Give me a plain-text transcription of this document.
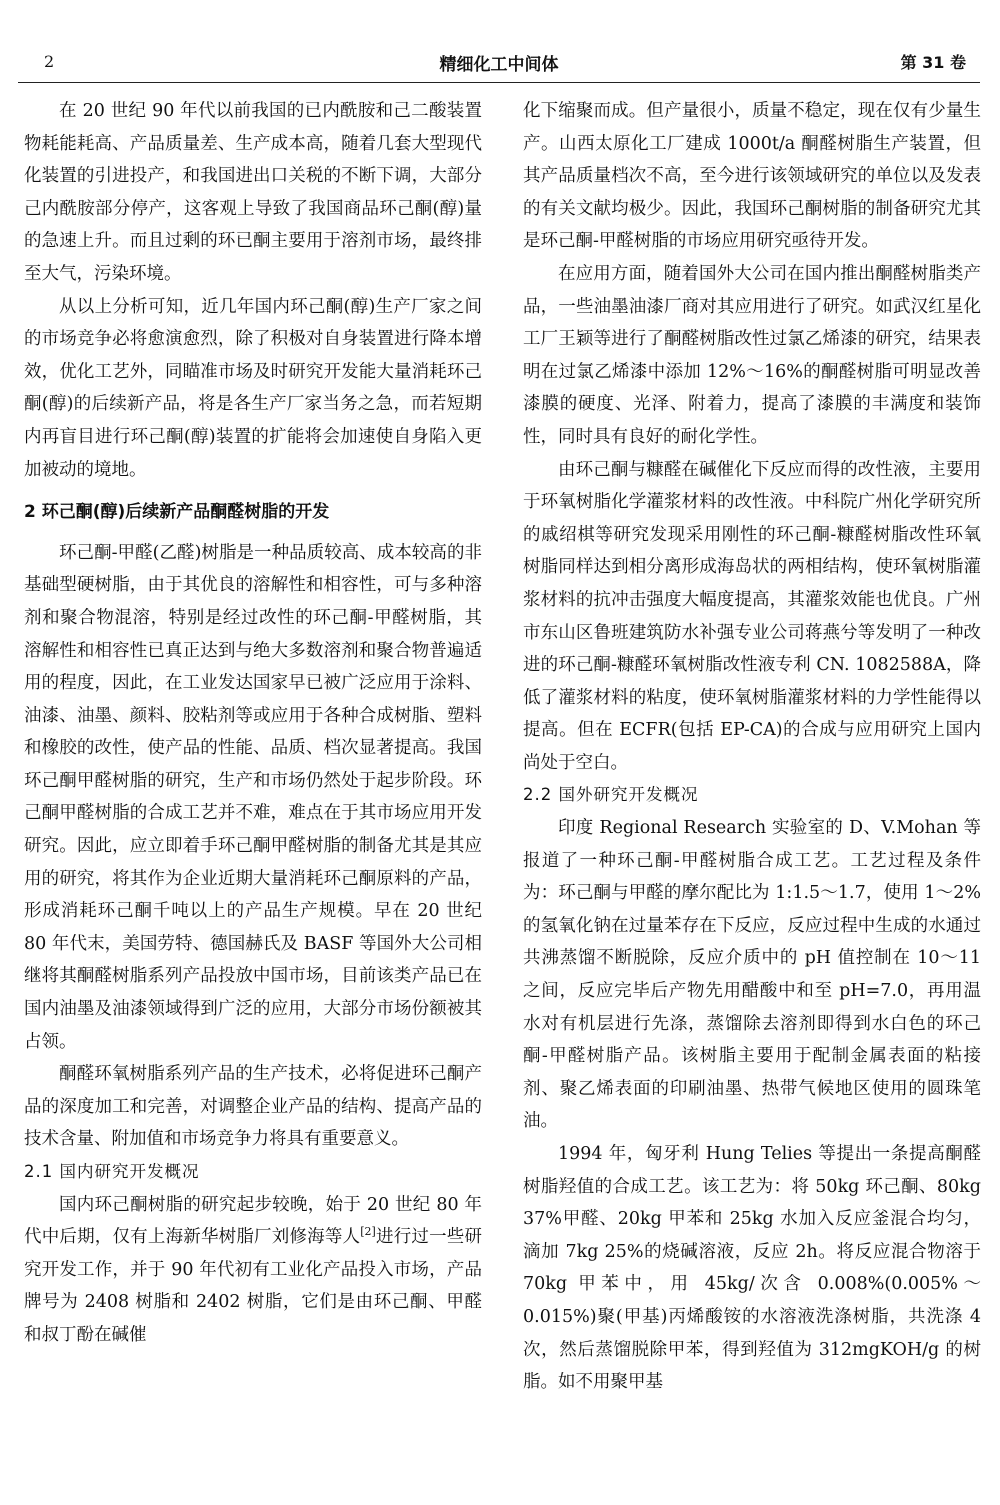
2	精细化工中间体	第 31 卷

在 20 世纪 90 年代以前我国的已内酰胺和己二酸装置物耗能耗高、产品质量差、生产成本高，随着几套大型现代化装置的引进投产，和我国进出口关税的不断下调，大部分己内酰胺部分停产，这客观上导致了我国商品环己酮(醇)量的急速上升。而且过剩的环已酮主要用于溶剂市场，最终排至大气，污染环境。

从以上分析可知，近几年国内环己酮(醇)生产厂家之间的市场竞争必将愈演愈烈，除了积极对自身装置进行降本增效，优化工艺外，同瞄准市场及时研究开发能大量消耗环己酮(醇)的后续新产品，将是各生产厂家当务之急，而若短期内再盲目进行环己酮(醇)装置的扩能将会加速使自身陷入更加被动的境地。

2 环己酮(醇)后续新产品酮醛树脂的开发

环己酮-甲醛(乙醛)树脂是一种品质较高、成本较高的非基础型硬树脂，由于其优良的溶解性和相容性，可与多种溶剂和聚合物混溶，特别是经过改性的环己酮-甲醛树脂，其溶解性和相容性已真正达到与绝大多数溶剂和聚合物普遍适用的程度，因此，在工业发达国家早已被广泛应用于涂料、油漆、油墨、颜料、胶粘剂等或应用于各种合成树脂、塑料和橡胶的改性，使产品的性能、品质、档次显著提高。我国环己酮甲醛树脂的研究，生产和市场仍然处于起步阶段。环己酮甲醛树脂的合成工艺并不难，难点在于其市场应用开发研究。因此，应立即着手环己酮甲醛树脂的制备尤其是其应用的研究，将其作为企业近期大量消耗环己酮原料的产品，形成消耗环己酮千吨以上的产品生产规模。早在 20 世纪 80 年代末，美国劳特、德国赫氏及 BASF 等国外大公司相继将其酮醛树脂系列产品投放中国市场，目前该类产品已在国内油墨及油漆领域得到广泛的应用，大部分市场份额被其占领。

酮醛环氧树脂系列产品的生产技术，必将促进环己酮产品的深度加工和完善，对调整企业产品的结构、提高产品的技术含量、附加值和市场竞争力将具有重要意义。

2.1 国内研究开发概况

国内环己酮树脂的研究起步较晚，始于 20 世纪 80 年代中后期，仅有上海新华树脂厂刘修海等人[2]进行过一些研究开发工作，并于 90 年代初有工业化产品投入市场，产品牌号为 2408 树脂和 2402 树脂，它们是由环己酮、甲醛和叔丁酚在碱催

化下缩聚而成。但产量很小，质量不稳定，现在仅有少量生产。山西太原化工厂建成 1000t/a 酮醛树脂生产装置，但其产品质量档次不高，至今进行该领域研究的单位以及发表的有关文献均极少。因此，我国环己酮树脂的制备研究尤其是环己酮-甲醛树脂的市场应用研究亟待开发。

在应用方面，随着国外大公司在国内推出酮醛树脂类产品，一些油墨油漆厂商对其应用进行了研究。如武汉红星化工厂王颖等进行了酮醛树脂改性过氯乙烯漆的研究，结果表明在过氯乙烯漆中添加 12%～16%的酮醛树脂可明显改善漆膜的硬度、光泽、附着力，提高了漆膜的丰满度和装饰性，同时具有良好的耐化学性。

由环己酮与糠醛在碱催化下反应而得的改性液，主要用于环氧树脂化学灌浆材料的改性液。中科院广州化学研究所的戚绍棋等研究发现采用刚性的环己酮-糠醛树脂改性环氧树脂同样达到相分离形成海岛状的两相结构，使环氧树脂灌浆材料的抗冲击强度大幅度提高，其灌浆效能也优良。广州市东山区鲁班建筑防水补强专业公司蒋燕兮等发明了一种改进的环己酮-糠醛环氧树脂改性液专利 CN. 1082588A，降低了灌浆材料的粘度，使环氧树脂灌浆材料的力学性能得以提高。但在 ECFR(包括 EP-CA)的合成与应用研究上国内尚处于空白。

2.2 国外研究开发概况

印度 Regional Research 实验室的 D、V.Mohan 等报道了一种环己酮-甲醛树脂合成工艺。工艺过程及条件为：环己酮与甲醛的摩尔配比为 1:1.5～1.7，使用 1～2%的氢氧化钠在过量苯存在下反应，反应过程中生成的水通过共沸蒸馏不断脱除，反应介质中的 pH 值控制在 10～11 之间，反应完毕后产物先用醋酸中和至 pH=7.0，再用温水对有机层进行先涤，蒸馏除去溶剂即得到水白色的环己酮-甲醛树脂产品。该树脂主要用于配制金属表面的粘接剂、聚乙烯表面的印刷油墨、热带气候地区使用的圆珠笔油。

1994 年，匈牙利 Hung Telies 等提出一条提高酮醛树脂羟值的合成工艺。该工艺为：将 50kg 环己酮、80kg 37%甲醛、20kg 甲苯和 25kg 水加入反应釜混合均匀，滴加 7kg 25%的烧碱溶液，反应 2h。将反应混合物溶于 70kg 甲苯中，用 45kg/次含 0.008%(0.005%～0.015%)聚(甲基)丙烯酸铵的水溶液洗涤树脂，共洗涤 4 次，然后蒸馏脱除甲苯，得到羟值为 312mgKOH/g 的树脂。如不用聚甲基
